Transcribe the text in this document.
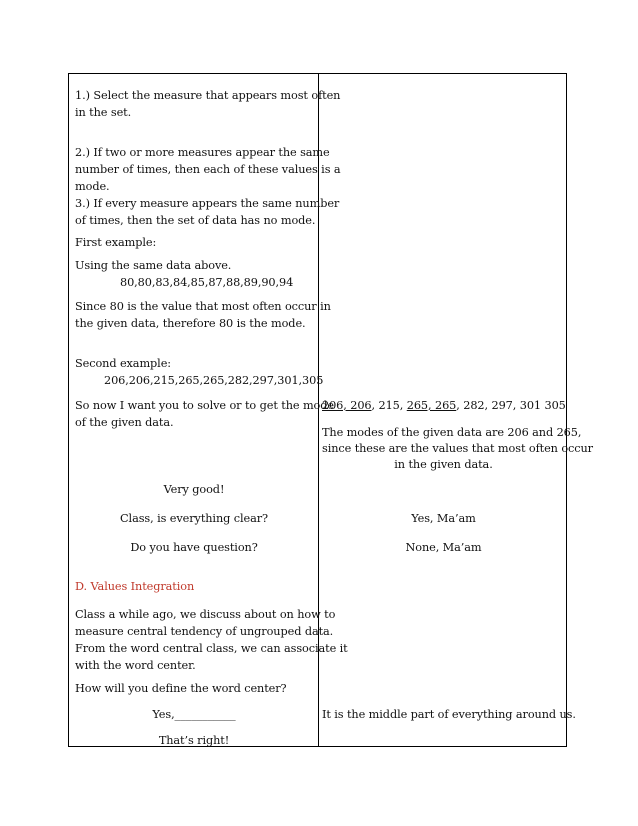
1.) Select the measure that appears most often
in the set.
2.) If two or more measures appear the same
number of times, then each of these values is a
mode.
3.) If every measure appears the same number
of times, then the set of data has no mode.
First example:
Using the same data above.
80,80,83,84,85,87,88,89,90,94
Since 80 is the value that most often occur in
the given data, therefore 80 is the mode.
Second example:
206,206,215,265,265,282,297,301,305
So now I want you to solve or to get the mode
of the given data.
Very good!
Class, is everything clear?
Do you have question?
D. Values Integration
Class a while ago, we discuss about on how to
measure central tendency of ungrouped data.
From the word central class, we can associate it
with the word center.
How will you define the word center?
Yes,___________
That’s right!
206, 206, 215, 265, 265, 282, 297, 301 305
The modes of the given data are 206 and 265,
since these are the values that most often occur
in the given data.
Yes, Ma’am
None, Ma’am
It is the middle part of everything around us.
